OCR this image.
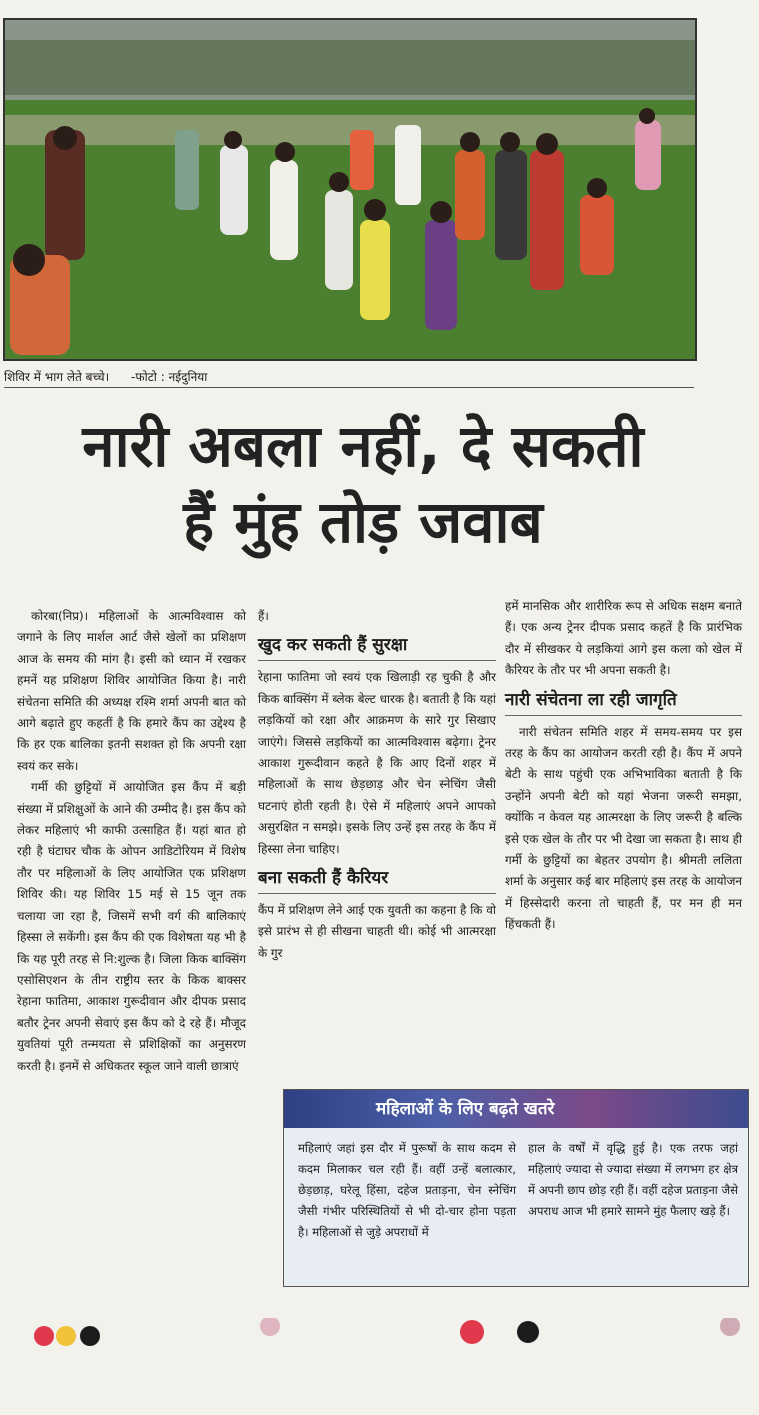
शिविर में भाग लेते बच्चे। -फोटो : नईदुनिया
नारी अबला नहीं, दे सकती
हैं मुंह तोड़ जवाब

कोरबा(निप्र)। महिलाओं के आत्मविश्वास को जगाने के लिए मार्शल आर्ट जैसे खेलों का प्रशिक्षण आज के समय की मांग है। इसी को ध्यान में रखकर हमनें यह प्रशिक्षण शिविर आयोजित किया है। नारी संचेतना समिति की अध्यक्ष रश्मि शर्मा अपनी बात को आगे बढ़ाते हुए कहतीं है कि हमारे कैंप का उद्देश्य है कि हर एक बालिका इतनी सशक्त हो कि अपनी रक्षा स्वयं कर सके।

गर्मी की छुट्टियों में आयोजित इस कैंप में बड़ी संख्या में प्रशिक्षुओं के आने की उम्मीद है। इस कैंप को लेकर महिलाएं भी काफी उत्साहित हैं। यहां बात हो रही है घंटाघर चौक के ओपन आडिटोरियम में विशेष तौर पर महिलाओं के लिए आयोजित एक प्रशिक्षण शिविर की। यह शिविर 15 मई से 15 जून तक चलाया जा रहा है, जिसमें सभी वर्ग की बालिकाएं हिस्सा ले सकेंगी। इस कैंप की एक विशेषता यह भी है कि यह पूरी तरह से नि:शुल्क है। जिला किक बाक्सिंग एसोसिएशन के तीन राष्ट्रीय स्तर के किक बाक्सर रेहाना फातिमा, आकाश गुरूदीवान और दीपक प्रसाद बतौर ट्रेनर अपनी सेवाएं इस कैंप को दे रहे हैं। मौजूद युवतियां पूरी तन्मयता से प्रशिक्षिकों का अनुसरण करती है। इनमें से अधिकतर स्कूल जाने वाली छात्राएं

हैं।

खुद कर सकती हैं सुरक्षा

रेहाना फातिमा जो स्वयं एक खिलाड़ी रह चुकी है और किक बाक्सिंग में ब्लेक बेल्ट धारक है। बताती है कि यहां लड़कियों को रक्षा और आक्रमण के सारे गुर सिखाए जाएंगे। जिससे लड़कियों का आत्मविश्वास बढ़ेगा। ट्रेनर आकाश गुरूदीवान कहते है कि आए दिनों शहर में महिलाओं के साथ छेड़छाड़ और चेन स्नेचिंग जैसी घटनाएं होती रहती है। ऐसे में महिलाएं अपने आपको असुरक्षित न समझे। इसके लिए उन्हें इस तरह के कैंप में हिस्सा लेना चाहिए।

बना सकती हैं कैरियर

कैंप में प्रशिक्षण लेने आई एक युवती का कहना है कि वो इसे प्रारंभ से ही सीखना चाहती थी। कोई भी आत्मरक्षा के गुर

हमें मानसिक और शारीरिक रूप से अधिक सक्षम बनाते हैं। एक अन्य ट्रेनर दीपक प्रसाद कहतें है कि प्रारंभिक दौर में सीखकर ये लड़कियां आगे इस कला को खेल में कैरियर के तौर पर भी अपना सकती है।

नारी संचेतना ला रही जागृति

नारी संचेतन समिति शहर में समय-समय पर इस तरह के कैंप का आयोजन करती रही है। कैंप में अपने बेटी के साथ पहुंची एक अभिभाविका बताती है कि उन्होंने अपनी बेटी को यहां भेजना जरूरी समझा, क्योंकि न केवल यह आत्मरक्षा के लिए जरूरी है बल्कि इसे एक खेल के तौर पर भी देखा जा सकता है। साथ ही गर्मी के छुट्टियों का बेहतर उपयोग है। श्रीमती ललिता शर्मा के अनुसार कई बार महिलाएं इस तरह के आयोजन में हिस्सेदारी करना तो चाहती हैं, पर मन ही मन हिंचकती हैं।

महिलाओं के लिए बढ़ते खतरे
महिलाएं जहां इस दौर में पुरूषों के साथ कदम से कदम मिलाकर चल रही हैं। वहीं उन्हें बलात्कार, छेड़छाड़, घरेलू हिंसा, दहेज प्रताड़ना, चेन स्नेचिंग जैसी गंभीर परिस्थितियों से भी दो-चार होना पड़ता है। महिलाओं से जुड़े अपराधों में
हाल के वर्षों में वृद्धि हुई है। एक तरफ जहां महिलाएं ज्यादा से ज्यादा संख्या में लगभग हर क्षेत्र में अपनी छाप छोड़ रही हैं। वहीं दहेज प्रताड़ना जैसे अपराध आज भी हमारे सामने मुंह फैलाए खड़े हैं।
